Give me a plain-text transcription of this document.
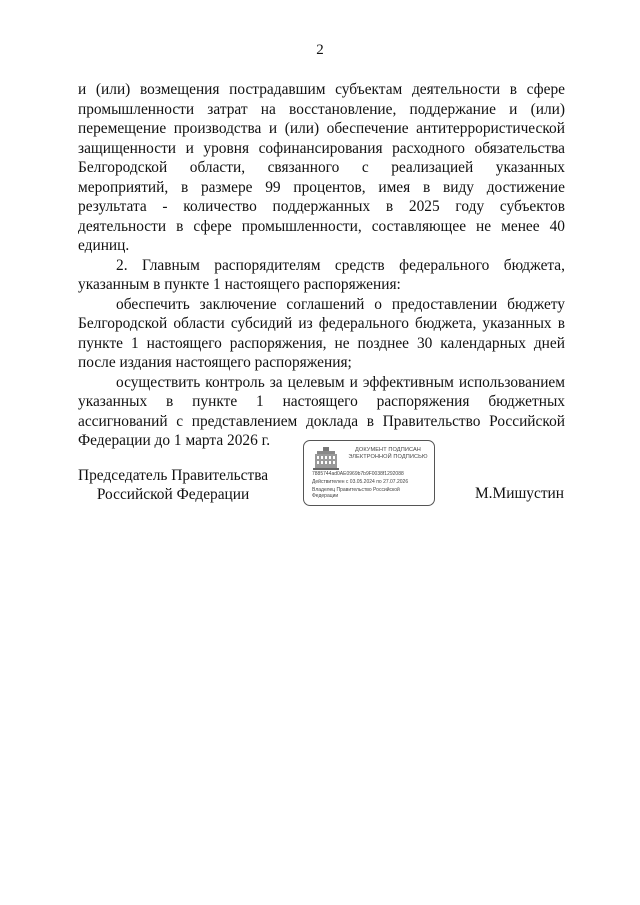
2

и (или) возмещения пострадавшим субъектам деятельности в сфере промышленности затрат на восстановление, поддержание и (или) перемещение производства и (или) обеспечение антитеррористической защищенности и уровня софинансирования расходного обязательства Белгородской области, связанного с реализацией указанных мероприятий, в размере 99 процентов, имея в виду достижение результата - количество поддержанных в 2025 году субъектов деятельности в сфере промышленности, составляющее не менее 40 единиц.

2. Главным распорядителям средств федерального бюджета, указанным в пункте 1 настоящего распоряжения:

обеспечить заключение соглашений о предоставлении бюджету Белгородской области субсидий из федерального бюджета, указанных в пункте 1 настоящего распоряжения, не позднее 30 календарных дней после издания настоящего распоряжения;

осуществить контроль за целевым и эффективным использованием указанных в пункте 1 настоящего распоряжения бюджетных ассигнований с представлением доклада в Правительство Российской Федерации до 1 марта 2026 г.

Председатель Правительства
Российской Федерации
ДОКУМЕНТ ПОДПИСАН
ЭЛЕКТРОННОЙ ПОДПИСЬЮ
7885744ad0AE0969b7b9F0038f1292088
Действителен с 03.05.2024 по 27.07.2026
Владелец Правительство Российской
Федерации	М.Мишустин
